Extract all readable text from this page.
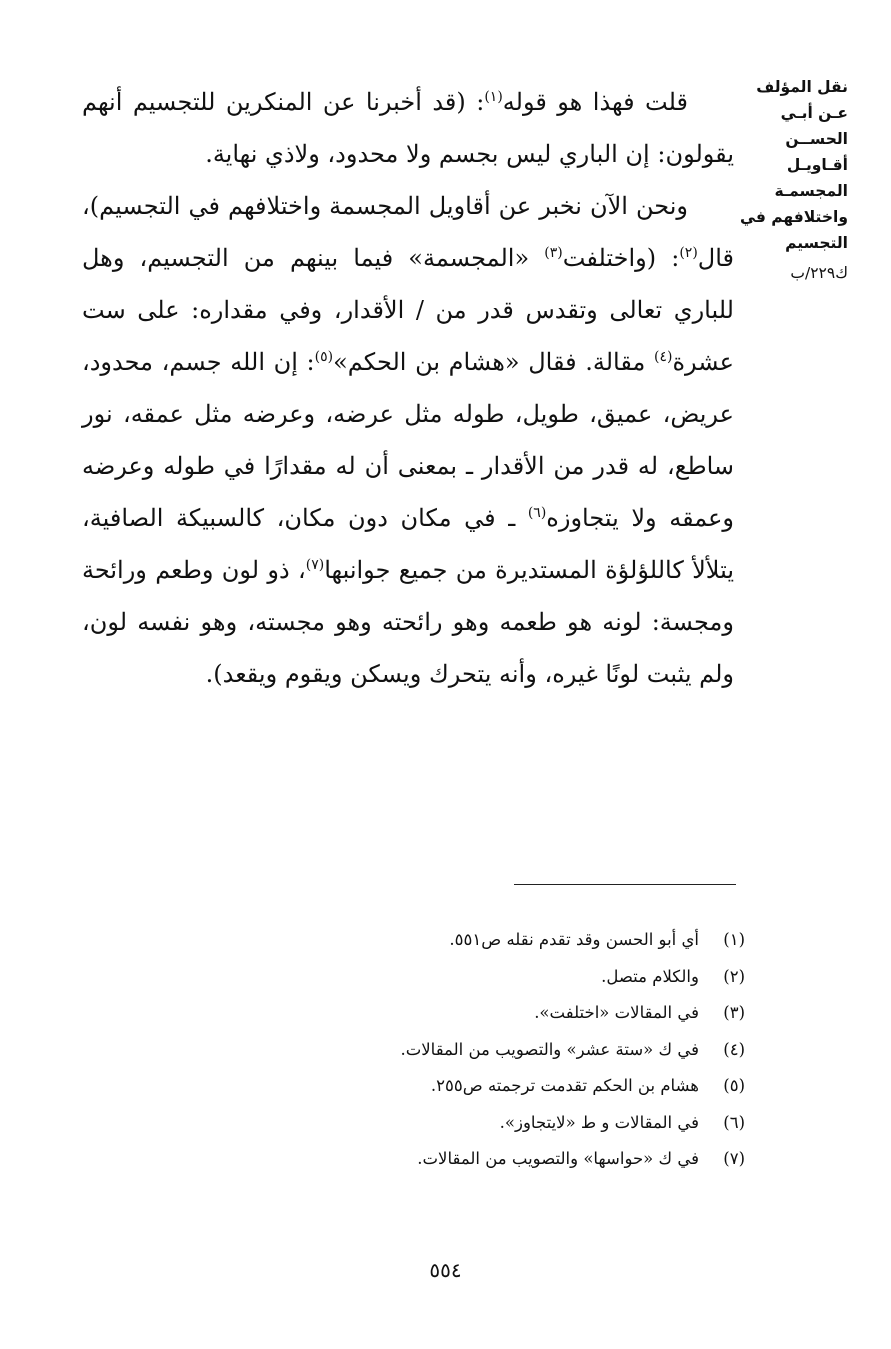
نقل المؤلف
عـن أبـي
الحســن
أقـاويـل
المجسمـة
واختلافهم في
التجسيم
ك٢٢٩/ب

قلت فهذا هو قوله$^{(١)}$: (قد أخبرنا عن المنكرين للتجسيم أنهم يقولون: إن الباري ليس بجسم ولا محدود، ولاذي نهاية.

ونحن الآن نخبر عن أقاويل المجسمة واختلافهم في التجسيم)، قال$^{(٢)}$: (واختلفت$^{(٣)}$ «المجسمة» فيما بينهم من التجسيم، وهل للباري تعالى وتقدس قدر من / الأقدار، وفي مقداره: على ست عشرة$^{(٤)}$ مقالة. فقال «هشام بن الحكم»$^{(٥)}$: إن الله جسم، محدود، عريض، عميق، طويل، طوله مثل عرضه، وعرضه مثل عمقه، نور ساطع، له قدر من الأقدار ـ بمعنى أن له مقدارًا في طوله وعرضه وعمقه ولا يتجاوزه$^{(٦)}$ ـ في مكان دون مكان، كالسبيكة الصافية، يتلألأ كاللؤلؤة المستديرة من جميع جوانبها$^{(٧)}$، ذو لون وطعم ورائحة ومجسة: لونه هو طعمه وهو رائحته وهو مجسته، وهو نفسه لون، ولم يثبت لونًا غيره، وأنه يتحرك ويسكن ويقوم ويقعد).

(١)
أي أبو الحسن وقد تقدم نقله ص٥٥١.
(٢)
والكلام متصل.
(٣)
في المقالات «اختلفت».
(٤)
في ك «ستة عشر» والتصويب من المقالات.
(٥)
هشام بن الحكم تقدمت ترجمته ص٢٥٥.
(٦)
في المقالات و ط «لايتجاوز».
(٧)
في ك «حواسها» والتصويب من المقالات.
٥٥٤
